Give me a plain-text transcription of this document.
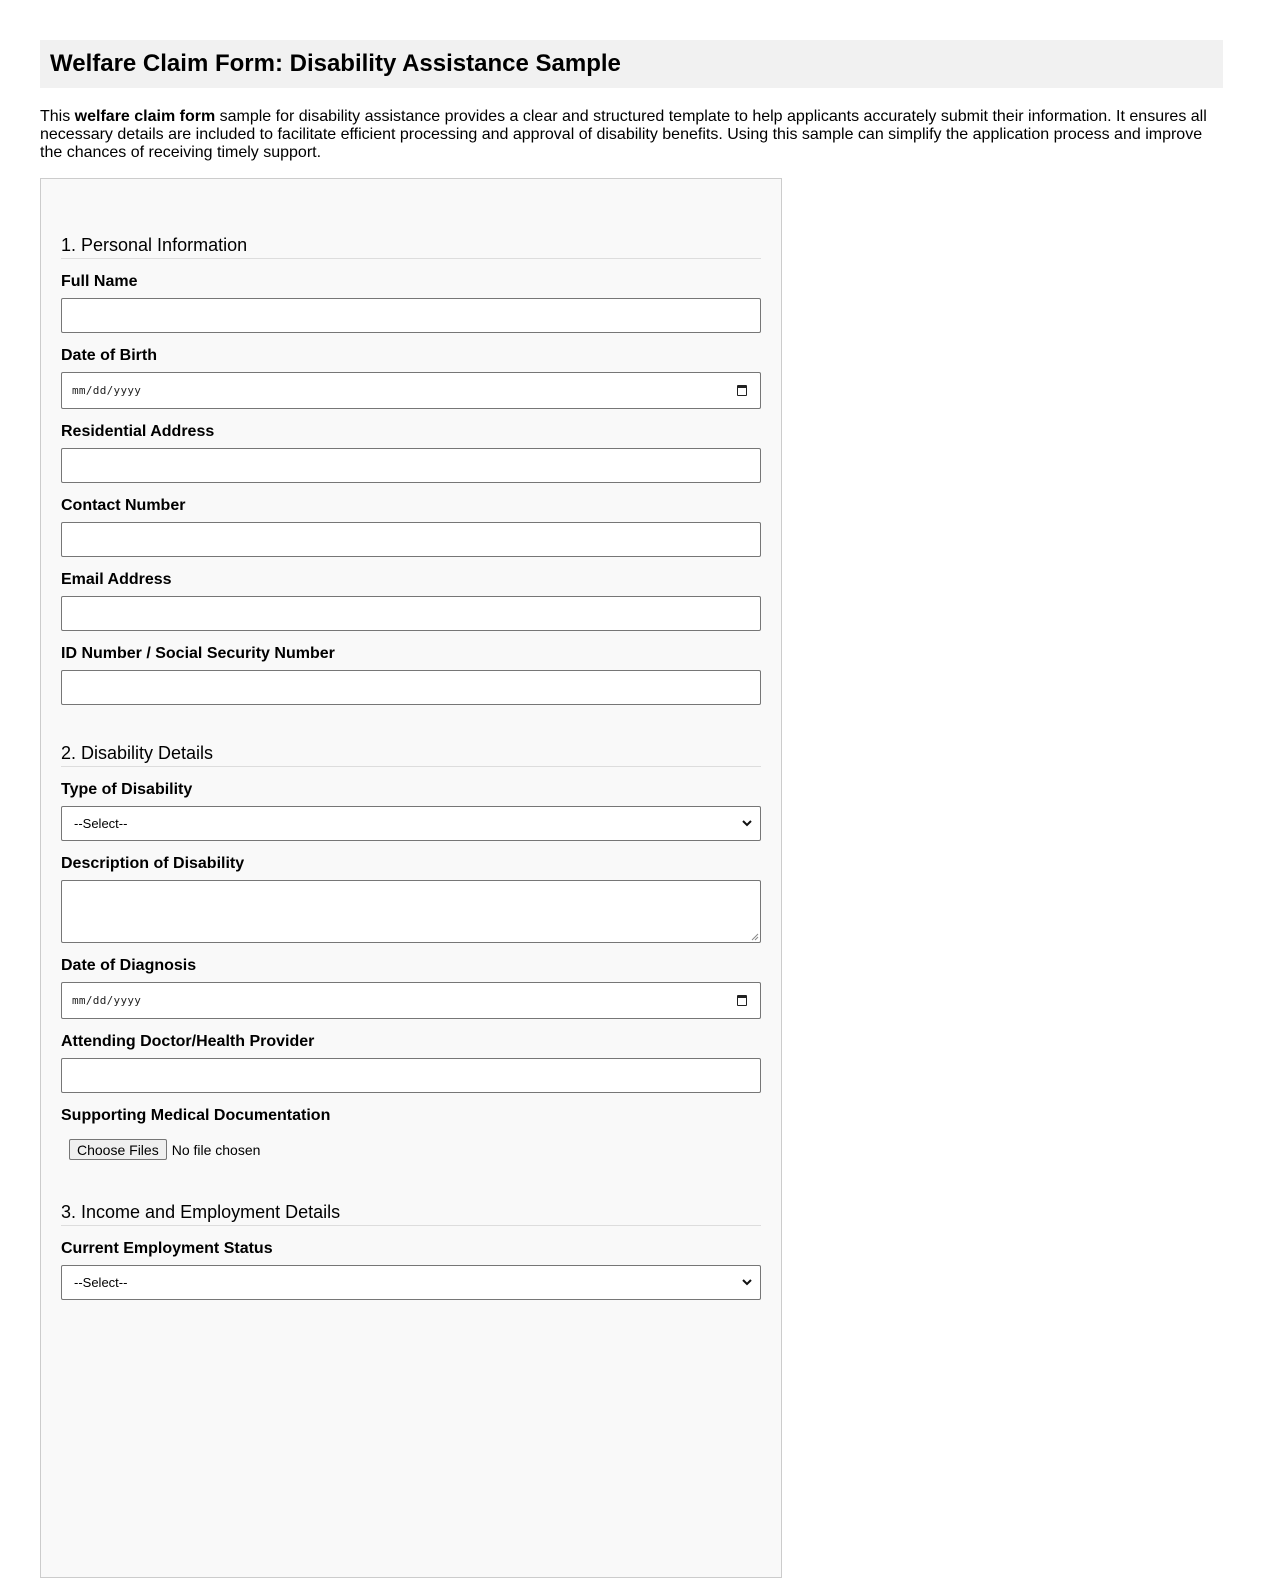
Welfare Claim Form: Disability Assistance Sample

This welfare claim form sample for disability assistance provides a clear and structured template to help applicants accurately submit their information. It ensures all necessary details are included to facilitate efficient processing and approval of disability benefits. Using this sample can simplify the application process and improve the chances of receiving timely support.

1. Personal Information
Full Name
Date of Birth
mm/dd/yyyy
Residential Address
Contact Number
Email Address
ID Number / Social Security Number
2. Disability Details
Type of Disability
--Select--
Description of Disability
Date of Diagnosis
mm/dd/yyyy
Attending Doctor/Health Provider
Supporting Medical Documentation
Choose Files No file chosen
3. Income and Employment Details
Current Employment Status
--Select--
